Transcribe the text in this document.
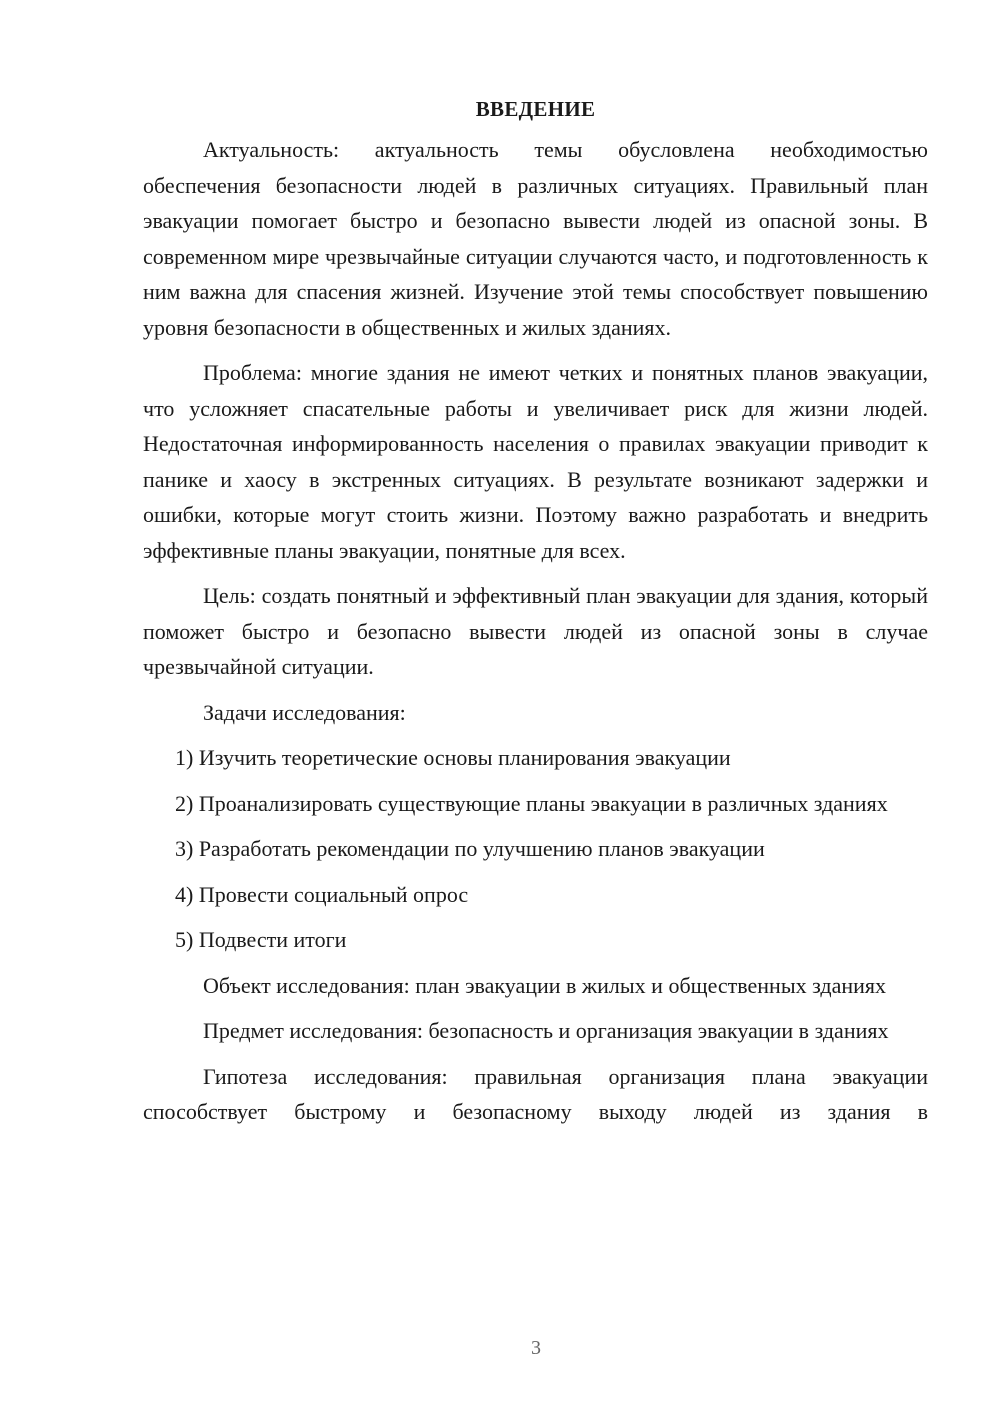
ВВЕДЕНИЕ

Актуальность: актуальность темы обусловлена необходимостью обеспечения безопасности людей в различных ситуациях. Правильный план эвакуации помогает быстро и безопасно вывести людей из опасной зоны. В современном мире чрезвычайные ситуации случаются часто, и подготовленность к ним важна для спасения жизней. Изучение этой темы способствует повышению уровня безопасности в общественных и жилых зданиях.

Проблема: многие здания не имеют четких и понятных планов эвакуации, что усложняет спасательные работы и увеличивает риск для жизни людей. Недостаточная информированность населения о правилах эвакуации приводит к панике и хаосу в экстренных ситуациях. В результате возникают задержки и ошибки, которые могут стоить жизни. Поэтому важно разработать и внедрить эффективные планы эвакуации, понятные для всех.

Цель: создать понятный и эффективный план эвакуации для здания, который поможет быстро и безопасно вывести людей из опасной зоны в случае чрезвычайной ситуации.

Задачи исследования:

1) Изучить теоретические основы планирования эвакуации

2) Проанализировать существующие планы эвакуации в различных зданиях

3) Разработать рекомендации по улучшению планов эвакуации

4) Провести социальный опрос

5) Подвести итоги

Объект исследования: план эвакуации в жилых и общественных зданиях

Предмет исследования: безопасность и организация эвакуации в зданиях

Гипотеза исследования: правильная организация плана эвакуации способствует быстрому и безопасному выходу людей из здания в

3
